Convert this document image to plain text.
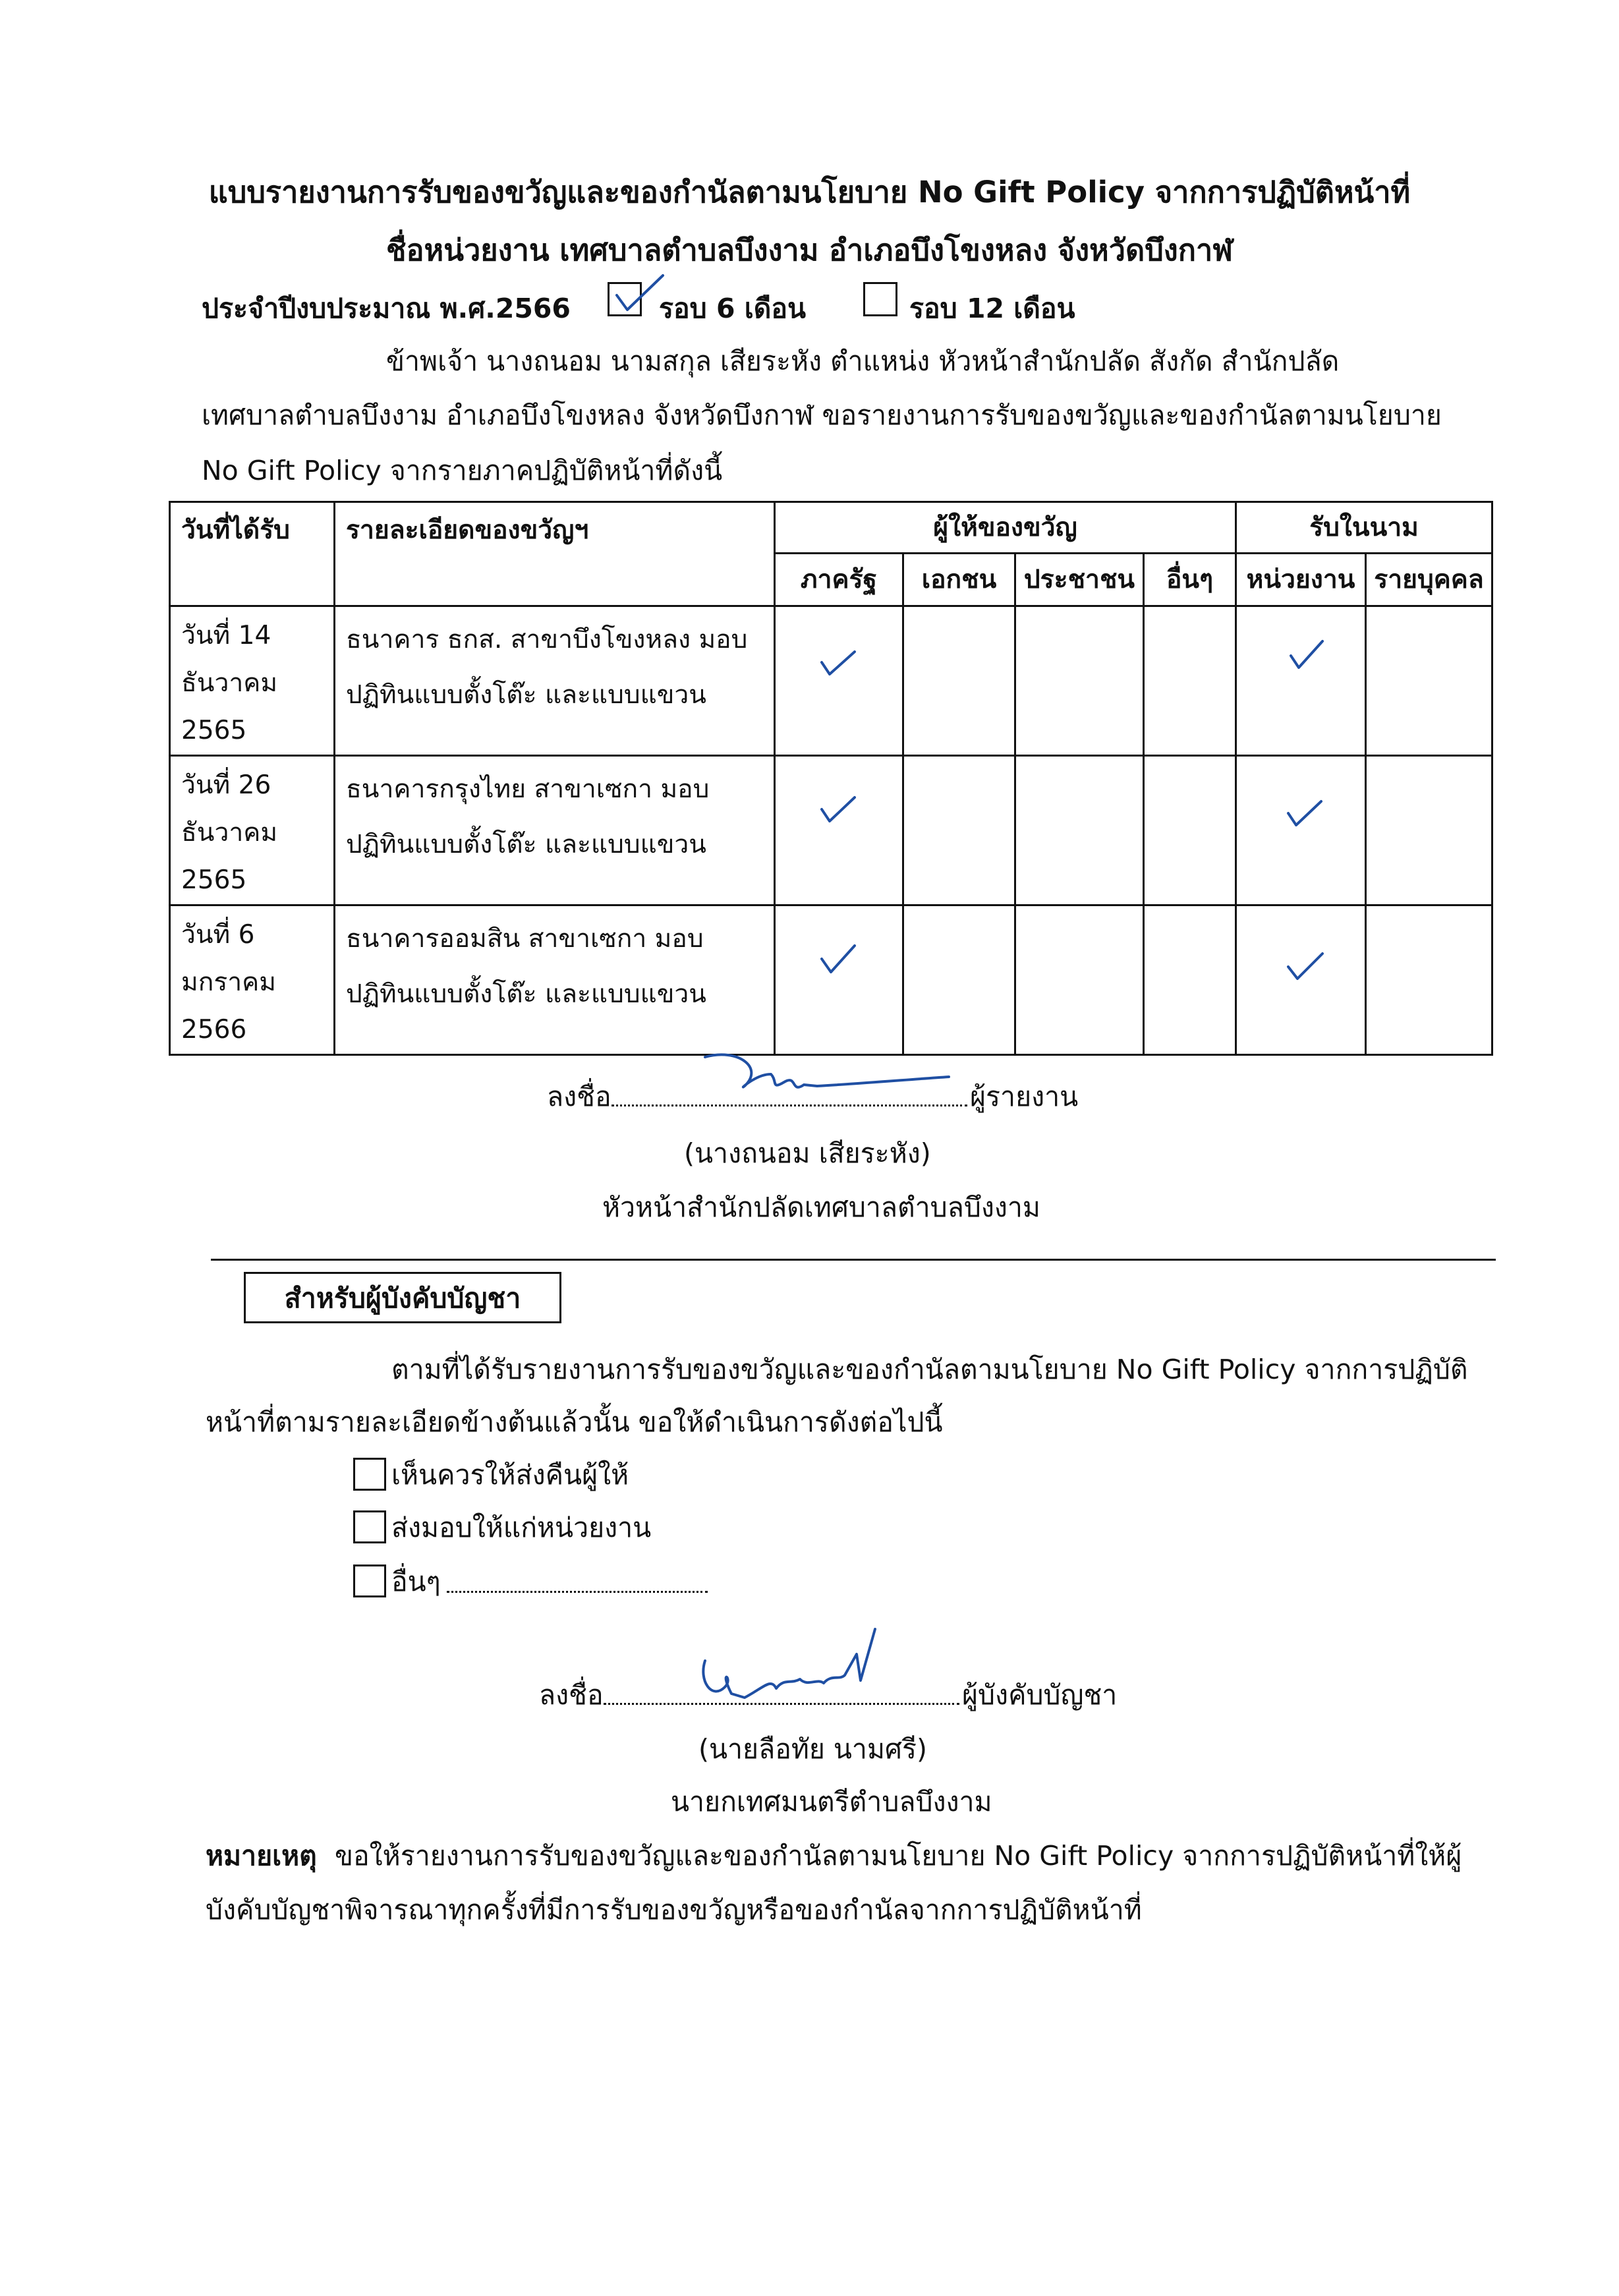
แบบรายงานการรับของขวัญและของกำนัลตามนโยบาย No Gift Policy จากการปฏิบัติหน้าที่
ชื่อหน่วยงาน เทศบาลตำบลบึงงาม อำเภอบึงโขงหลง จังหวัดบึงกาฬ
ประจำปีงบประมาณ พ.ศ.2566	รอบ 6 เดือน	รอบ 12 เดือน
ข้าพเจ้า นางถนอม นามสกุล เสียระหัง ตำแหน่ง หัวหน้าสำนักปลัด สังกัด สำนักปลัด
เทศบาลตำบลบึงงาม อำเภอบึงโขงหลง จังหวัดบึงกาฬ ขอรายงานการรับของขวัญและของกำนัลตามนโยบาย
No Gift Policy จากรายภาคปฏิบัติหน้าที่ดังนี้
วันที่ได้รับ	รายละเอียดของขวัญฯ	ผู้ให้ของขวัญ				รับในนาม	
		ภาครัฐ	เอกชน	ประชาชน	อื่นๆ	หน่วยงาน	รายบุคคล
วันที่ 14
ธันวาคม
2565	ธนาคาร ธกส. สาขาบึงโขงหลง มอบ
ปฏิทินแบบตั้งโต๊ะ และแบบแขวน	

วันที่ 26
ธันวาคม
2565	ธนาคารกรุงไทย สาขาเซกา มอบ
ปฏิทินแบบตั้งโต๊ะ และแบบแขวน	

วันที่ 6
มกราคม
2566	ธนาคารออมสิน สาขาเซกา มอบ
ปฏิทินแบบตั้งโต๊ะ และแบบแขวน	

ลงชื่อ	ผู้รายงาน
(นางถนอม เสียระหัง)
หัวหน้าสำนักปลัดเทศบาลตำบลบึงงาม
สำหรับผู้บังคับบัญชา
ตามที่ได้รับรายงานการรับของขวัญและของกำนัลตามนโยบาย No Gift Policy จากการปฏิบัติ
หน้าที่ตามรายละเอียดข้างต้นแล้วนั้น ขอให้ดำเนินการดังต่อไปนี้
เห็นควรให้ส่งคืนผู้ให้
ส่งมอบให้แก่หน่วยงาน
อื่นๆ
ลงชื่อ	ผู้บังคับบัญชา
(นายลือทัย นามศรี)
นายกเทศมนตรีตำบลบึงงาม
หมายเหตุ ขอให้รายงานการรับของขวัญและของกำนัลตามนโยบาย No Gift Policy จากการปฏิบัติหน้าที่ให้ผู้
บังคับบัญชาพิจารณาทุกครั้งที่มีการรับของขวัญหรือของกำนัลจากการปฏิบัติหน้าที่
